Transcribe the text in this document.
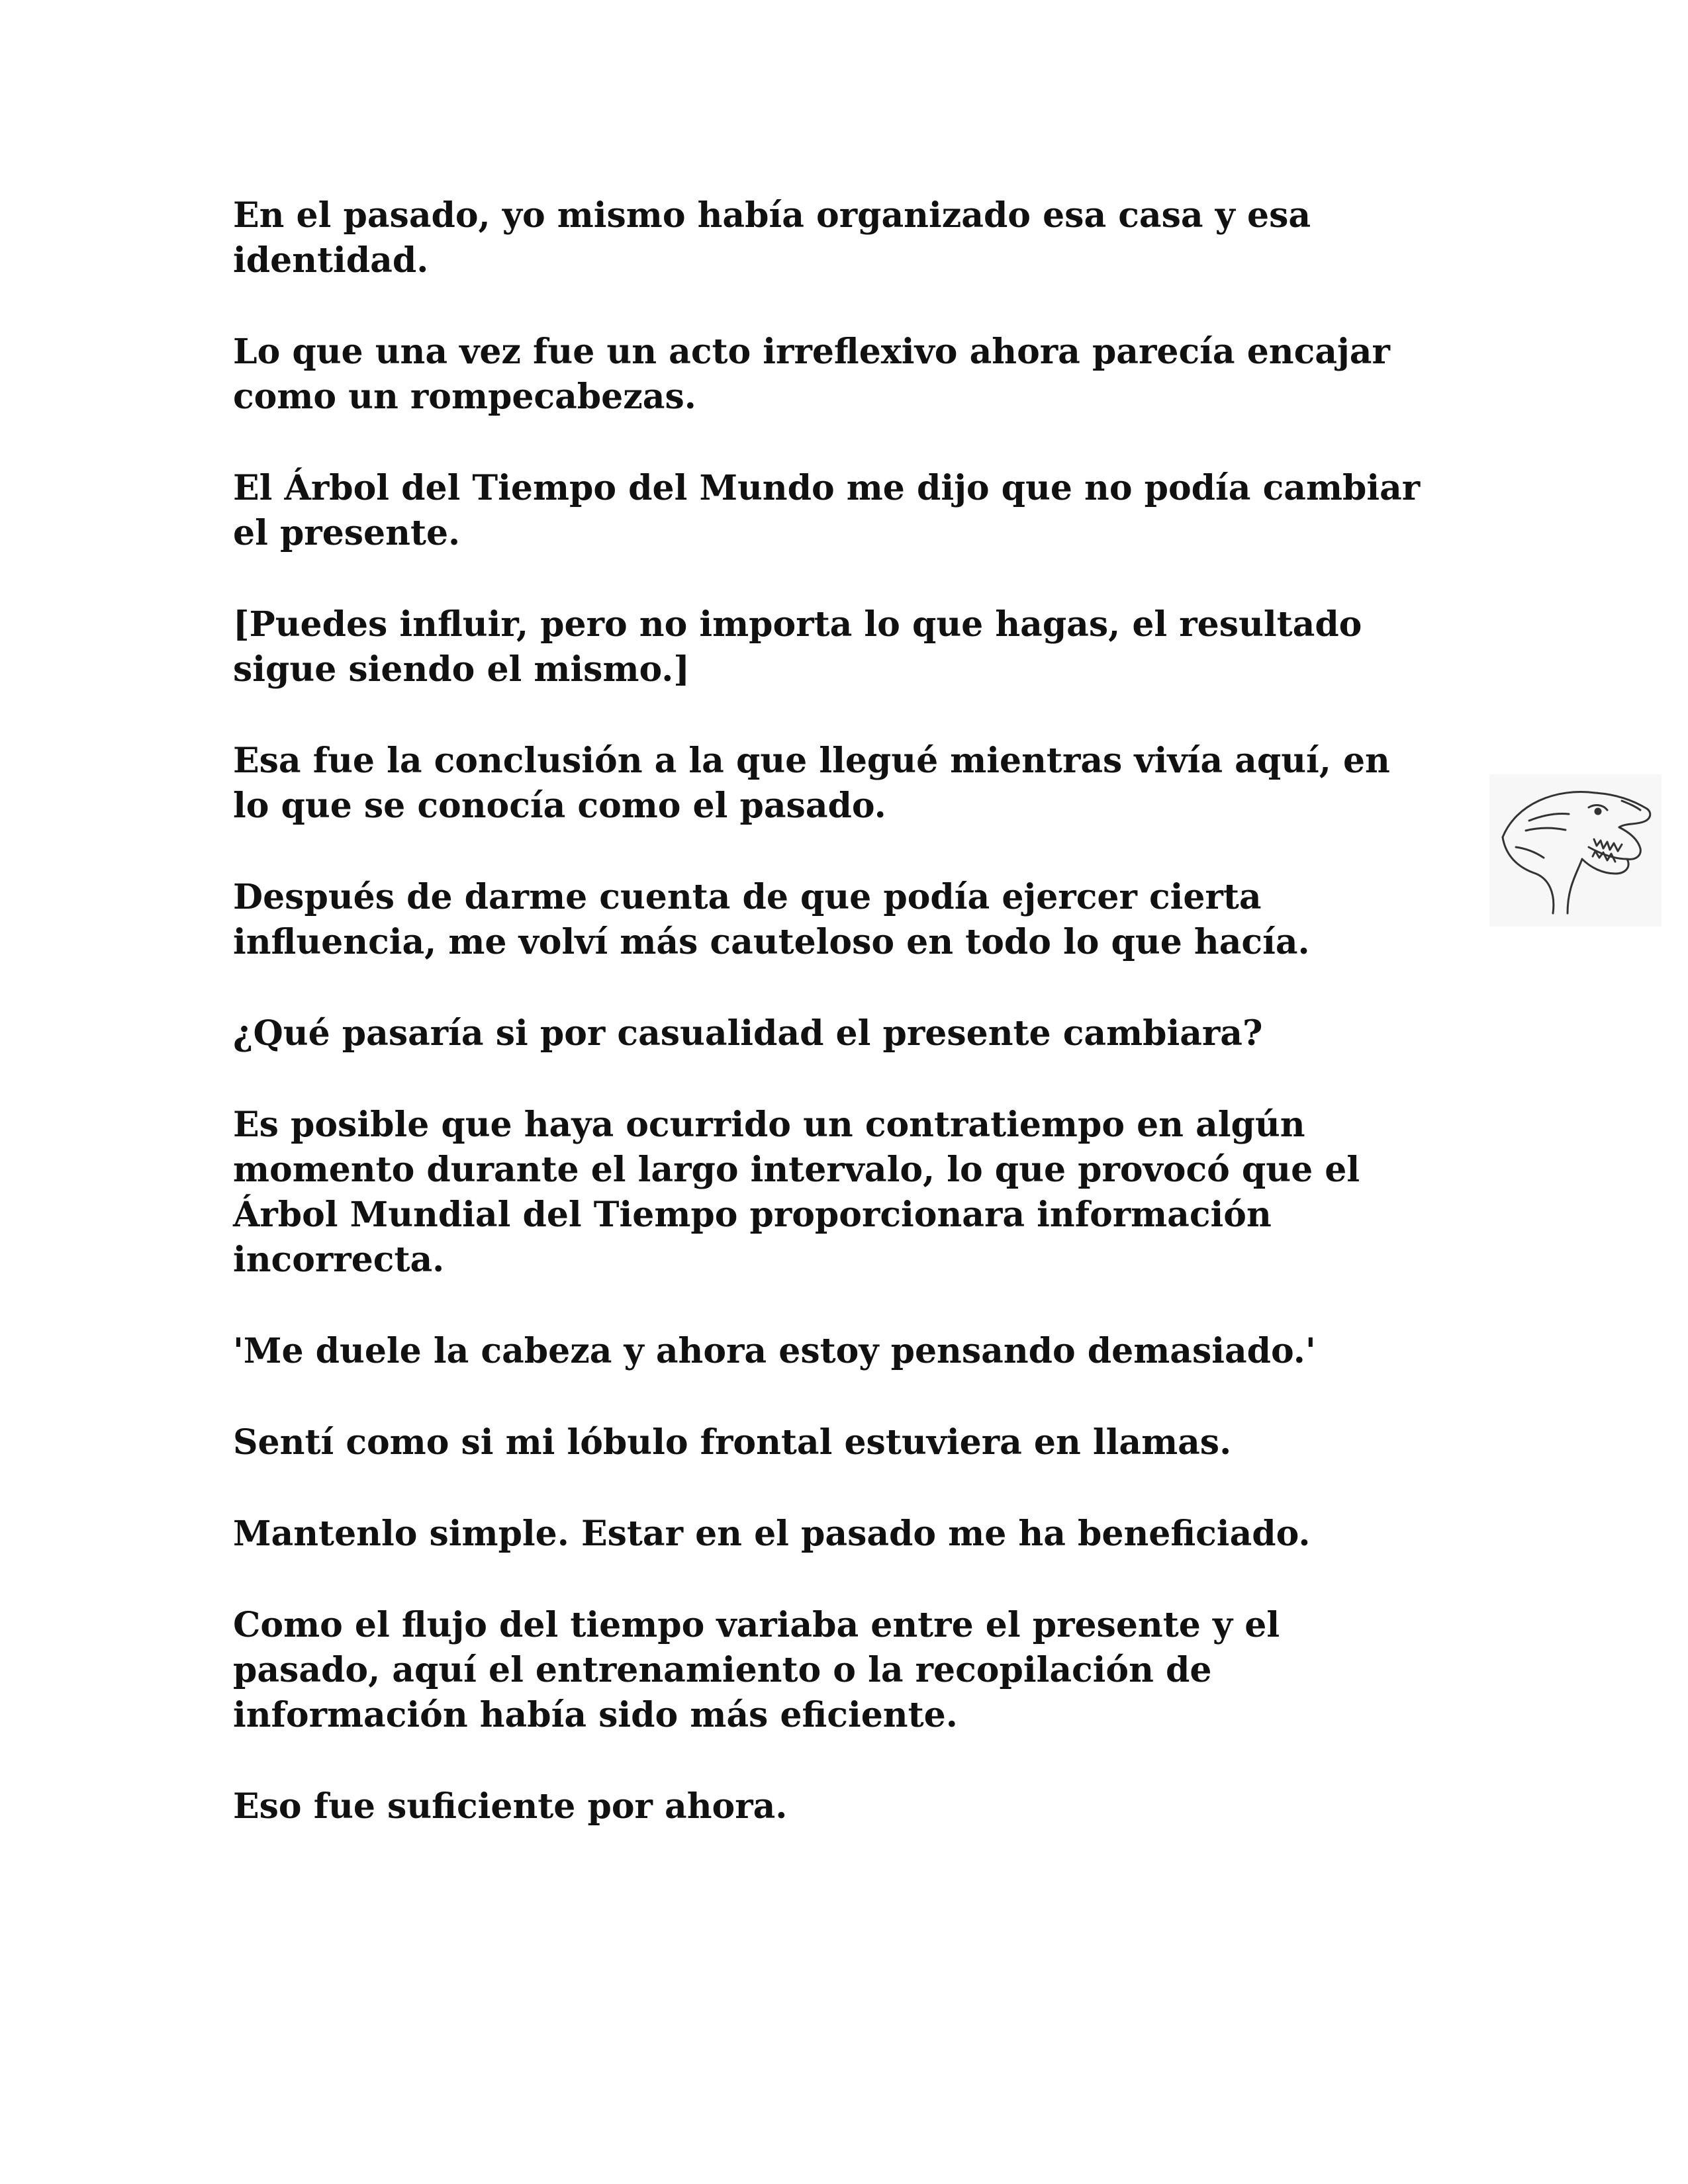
En el pasado, yo mismo había organizado esa casa y esa
identidad.

Lo que una vez fue un acto irreflexivo ahora parecía encajar
como un rompecabezas.

El Árbol del Tiempo del Mundo me dijo que no podía cambiar
el presente.

[Puedes influir, pero no importa lo que hagas, el resultado
sigue siendo el mismo.]

Esa fue la conclusión a la que llegué mientras vivía aquí, en
lo que se conocía como el pasado.

Después de darme cuenta de que podía ejercer cierta
influencia, me volví más cauteloso en todo lo que hacía.

¿Qué pasaría si por casualidad el presente cambiara?

Es posible que haya ocurrido un contratiempo en algún
momento durante el largo intervalo, lo que provocó que el
Árbol Mundial del Tiempo proporcionara información
incorrecta.

'Me duele la cabeza y ahora estoy pensando demasiado.'

Sentí como si mi lóbulo frontal estuviera en llamas.

Mantenlo simple. Estar en el pasado me ha beneficiado.

Como el flujo del tiempo variaba entre el presente y el
pasado, aquí el entrenamiento o la recopilación de
información había sido más eficiente.

Eso fue suficiente por ahora.
